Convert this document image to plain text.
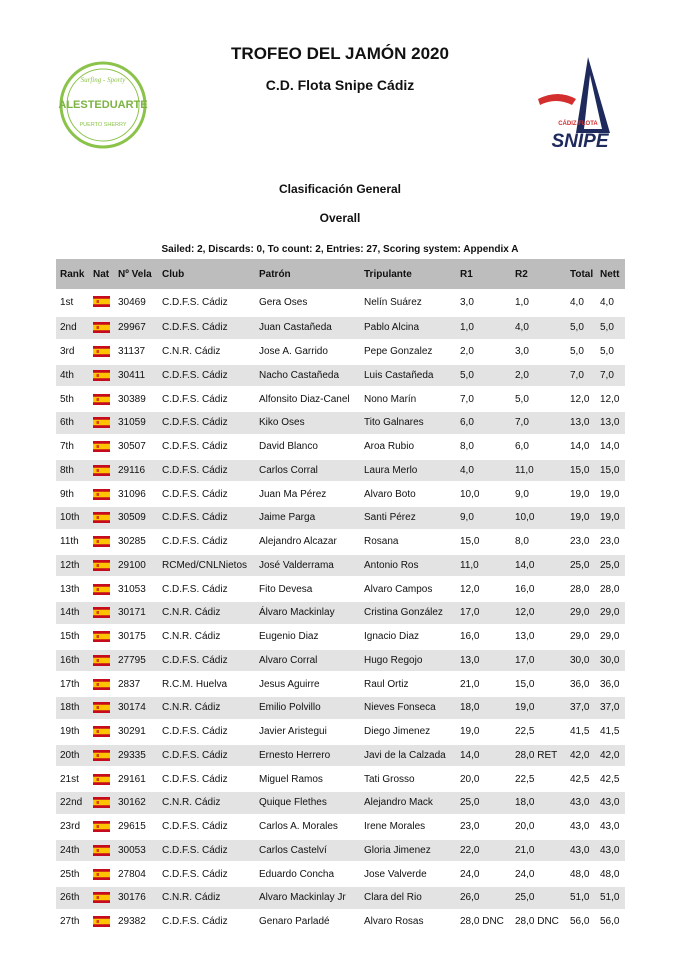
TROFEO DEL JAMÓN 2020
C.D. Flota Snipe Cádiz
Surfing - Sporty
ALESTEDUARTE
PUERTO SHERRY	CÁDIZ FLOTA
SNIPE
Clasificación General
Overall
Sailed: 2, Discards: 0, To count: 2, Entries: 27, Scoring system: Appendix A
Rank	Nat	Nº Vela	Club	Patrón	Tripulante	R1	R2	Total	Nett
1st		30469	C.D.F.S. Cádiz	Gera Oses	Nelín Suárez	3,0	1,0	4,0	4,0
2nd		29967	C.D.F.S. Cádiz	Juan Castañeda	Pablo Alcina	1,0	4,0	5,0	5,0
3rd		31137	C.N.R. Cádiz	Jose A. Garrido	Pepe Gonzalez	2,0	3,0	5,0	5,0
4th		30411	C.D.F.S. Cádiz	Nacho Castañeda	Luis Castañeda	5,0	2,0	7,0	7,0
5th		30389	C.D.F.S. Cádiz	Alfonsito Diaz-Canel	Nono Marín	7,0	5,0	12,0	12,0
6th		31059	C.D.F.S. Cádiz	Kiko Oses	Tito Galnares	6,0	7,0	13,0	13,0
7th		30507	C.D.F.S. Cádiz	David Blanco	Aroa Rubio	8,0	6,0	14,0	14,0
8th		29116	C.D.F.S. Cádiz	Carlos Corral	Laura Merlo	4,0	11,0	15,0	15,0
9th		31096	C.D.F.S. Cádiz	Juan Ma Pérez	Alvaro Boto	10,0	9,0	19,0	19,0
10th		30509	C.D.F.S. Cádiz	Jaime Parga	Santi Pérez	9,0	10,0	19,0	19,0
11th		30285	C.D.F.S. Cádiz	Alejandro Alcazar	Rosana	15,0	8,0	23,0	23,0
12th		29100	RCMed/CNLNietos	José Valderrama	Antonio Ros	11,0	14,0	25,0	25,0
13th		31053	C.D.F.S. Cádiz	Fito Devesa	Alvaro Campos	12,0	16,0	28,0	28,0
14th		30171	C.N.R. Cádiz	Álvaro Mackinlay	Cristina González	17,0	12,0	29,0	29,0
15th		30175	C.N.R. Cádiz	Eugenio Diaz	Ignacio Diaz	16,0	13,0	29,0	29,0
16th		27795	C.D.F.S. Cádiz	Alvaro Corral	Hugo Regojo	13,0	17,0	30,0	30,0
17th		2837	R.C.M. Huelva	Jesus Aguirre	Raul Ortiz	21,0	15,0	36,0	36,0
18th		30174	C.N.R. Cádiz	Emilio Polvillo	Nieves Fonseca	18,0	19,0	37,0	37,0
19th		30291	C.D.F.S. Cádiz	Javier Aristegui	Diego Jimenez	19,0	22,5	41,5	41,5
20th		29335	C.D.F.S. Cádiz	Ernesto Herrero	Javi de la Calzada	14,0	28,0 RET	42,0	42,0
21st		29161	C.D.F.S. Cádiz	Miguel Ramos	Tati Grosso	20,0	22,5	42,5	42,5
22nd		30162	C.N.R. Cádiz	Quique Flethes	Alejandro Mack	25,0	18,0	43,0	43,0
23rd		29615	C.D.F.S. Cádiz	Carlos A. Morales	Irene Morales	23,0	20,0	43,0	43,0
24th		30053	C.D.F.S. Cádiz	Carlos Castelví	Gloria Jimenez	22,0	21,0	43,0	43,0
25th		27804	C.D.F.S. Cádiz	Eduardo Concha	Jose Valverde	24,0	24,0	48,0	48,0
26th		30176	C.N.R. Cádiz	Alvaro Mackinlay Jr	Clara del Rio	26,0	25,0	51,0	51,0
27th		29382	C.D.F.S. Cádiz	Genaro Parladé	Alvaro Rosas	28,0 DNC	28,0 DNC	56,0	56,0
